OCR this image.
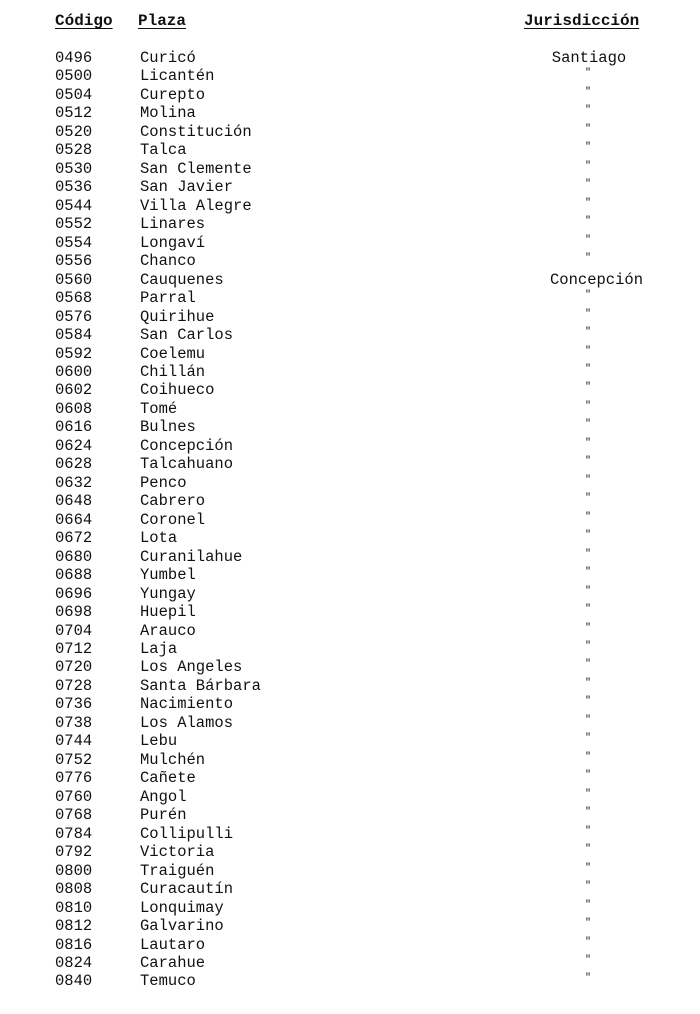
Código Plaza	Jurisdicción
0496	Curicó	Santiago
0500	Licantén	"
0504	Curepto	"
0512	Molina	"
0520	Constitución	"
0528	Talca	"
0530	San Clemente	"
0536	San Javier	"
0544	Villa Alegre	"
0552	Linares	"
0554	Longaví	"
0556	Chanco	"
0560	Cauquenes	Concepción
0568	Parral	"
0576	Quirihue	"
0584	San Carlos	"
0592	Coelemu	"
0600	Chillán	"
0602	Coihueco	"
0608	Tomé	"
0616	Bulnes	"
0624	Concepción	"
0628	Talcahuano	"
0632	Penco	"
0648	Cabrero	"
0664	Coronel	"
0672	Lota	"
0680	Curanilahue	"
0688	Yumbel	"
0696	Yungay	"
0698	Huepil	"
0704	Arauco	"
0712	Laja	"
0720	Los Angeles	"
0728	Santa Bárbara	"
0736	Nacimiento	"
0738	Los Alamos	"
0744	Lebu	"
0752	Mulchén	"
0776	Cañete	"
0760	Angol	"
0768	Purén	"
0784	Collipulli	"
0792	Victoria	"
0800	Traiguén	"
0808	Curacautín	"
0810	Lonquimay	"
0812	Galvarino	"
0816	Lautaro	"
0824	Carahue	"
0840	Temuco	"
